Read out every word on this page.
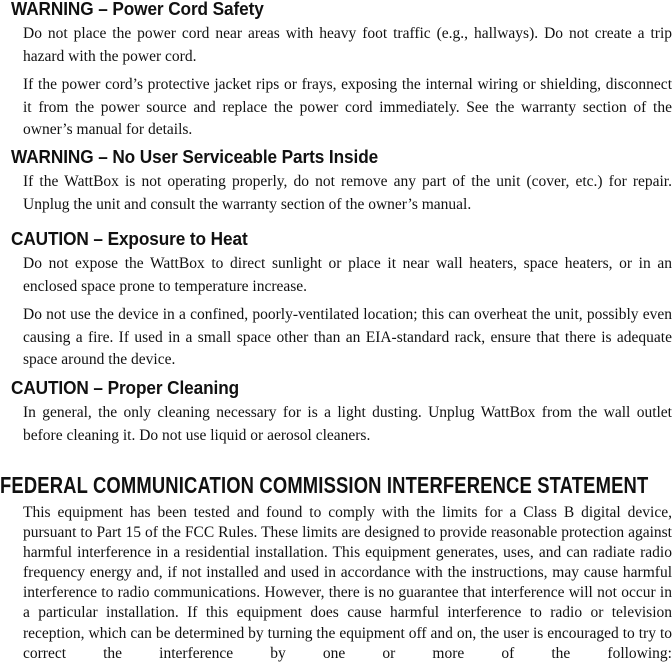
WARNING – Power Cord Safety

Do not place the power cord near areas with heavy foot traffic (e.g., hallways). Do not create a trip hazard with the power cord.

If the power cord’s protective jacket rips or frays, exposing the internal wiring or shielding, disconnect it from the power source and replace the power cord immediately. See the warranty section of the owner’s manual for details.

WARNING – No User Serviceable Parts Inside

If the WattBox is not operating properly, do not remove any part of the unit (cover, etc.) for repair. Unplug the unit and consult the warranty section of the owner’s manual.

CAUTION – Exposure to Heat

Do not expose the WattBox to direct sunlight or place it near wall heaters, space heaters, or in an enclosed space prone to temperature increase.

Do not use the device in a confined, poorly-ventilated location; this can overheat the unit, possibly even causing a fire. If used in a small space other than an EIA-standard rack, ensure that there is adequate space around the device.

CAUTION – Proper Cleaning

In general, the only cleaning necessary for is a light dusting. Unplug WattBox from the wall outlet before cleaning it. Do not use liquid or aerosol cleaners.

FEDERAL COMMUNICATION COMMISSION INTERFERENCE STATEMENT

This equipment has been tested and found to comply with the limits for a Class B digital device, pursuant to Part 15 of the FCC Rules. These limits are designed to provide reasonable protection against harmful interference in a residential installation. This equipment generates, uses, and can radiate radio frequency energy and, if not installed and used in accordance with the instructions, may cause harmful interference to radio communications. However, there is no guarantee that interference will not occur in a particular installation. If this equipment does cause harmful interference to radio or television reception, which can be determined by turning the equipment off and on, the user is encouraged to try to correct the interference by one or more of the following:
